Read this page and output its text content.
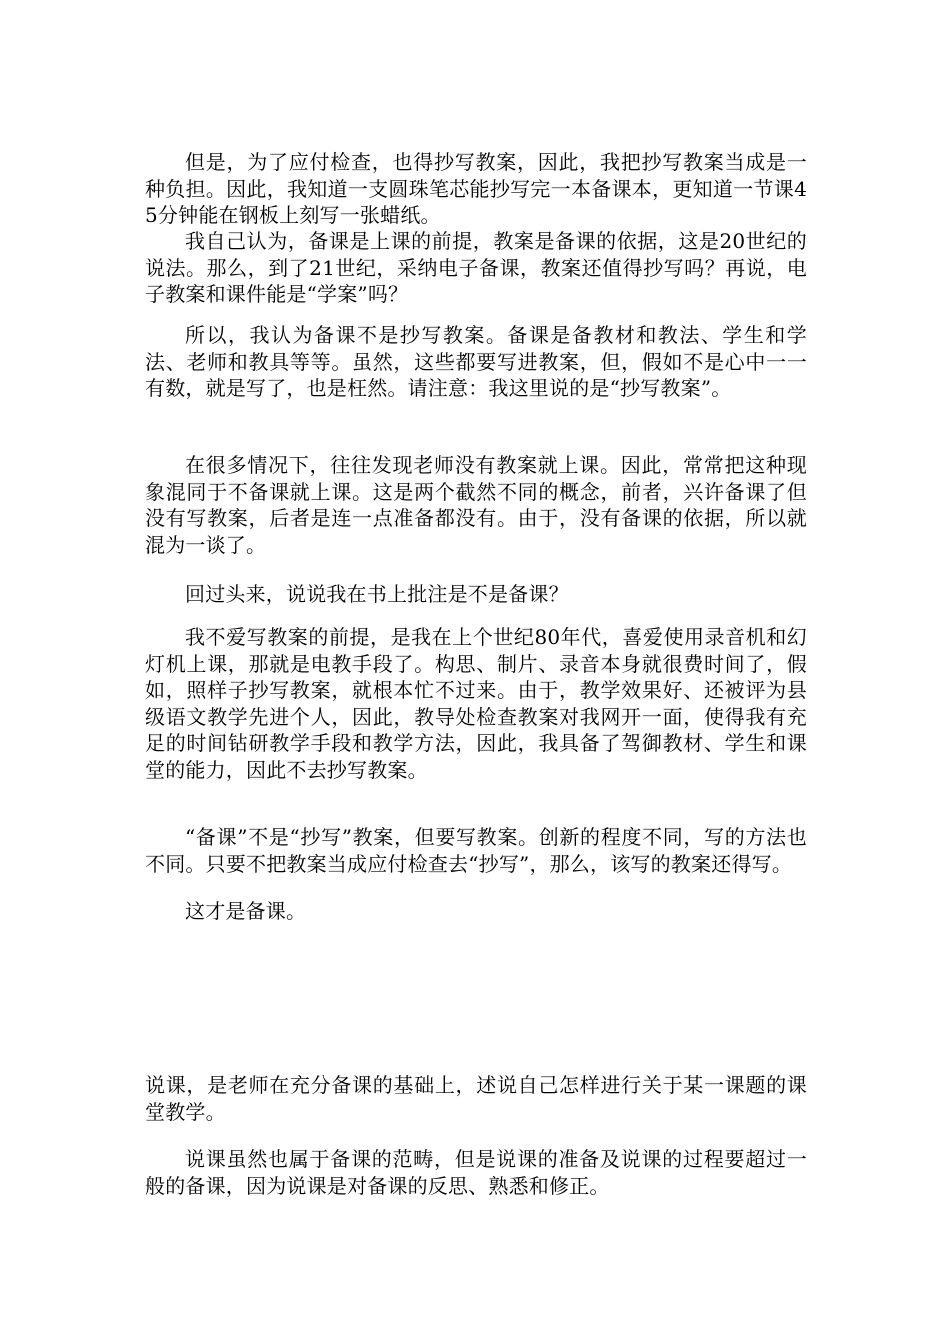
但是，为了应付检查，也得抄写教案，因此，我把抄写教案当成是一种负担。因此，我知道一支圆珠笔芯能抄写完一本备课本，更知道一节课45分钟能在钢板上刻写一张蜡纸。

我自己认为，备课是上课的前提，教案是备课的依据，这是20世纪的说法。那么，到了21世纪，采纳电子备课，教案还值得抄写吗？再说，电子教案和课件能是“学案”吗？

所以，我认为备课不是抄写教案。备课是备教材和教法、学生和学法、老师和教具等等。虽然，这些都要写进教案，但，假如不是心中一一有数，就是写了，也是枉然。请注意：我这里说的是“抄写教案”。

在很多情况下，往往发现老师没有教案就上课。因此，常常把这种现象混同于不备课就上课。这是两个截然不同的概念，前者，兴许备课了但没有写教案，后者是连一点准备都没有。由于，没有备课的依据，所以就混为一谈了。

回过头来，说说我在书上批注是不是备课？

我不爱写教案的前提，是我在上个世纪80年代，喜爱使用录音机和幻灯机上课，那就是电教手段了。构思、制片、录音本身就很费时间了，假如，照样子抄写教案，就根本忙不过来。由于，教学效果好、还被评为县级语文教学先进个人，因此，教导处检查教案对我网开一面，使得我有充足的时间钻研教学手段和教学方法，因此，我具备了驾御教材、学生和课堂的能力，因此不去抄写教案。

“备课”不是“抄写”教案，但要写教案。创新的程度不同，写的方法也不同。只要不把教案当成应付检查去“抄写”，那么，该写的教案还得写。

这才是备课。

说课，是老师在充分备课的基础上，述说自己怎样进行关于某一课题的课堂教学。

说课虽然也属于备课的范畴，但是说课的准备及说课的过程要超过一般的备课，因为说课是对备课的反思、熟悉和修正。
